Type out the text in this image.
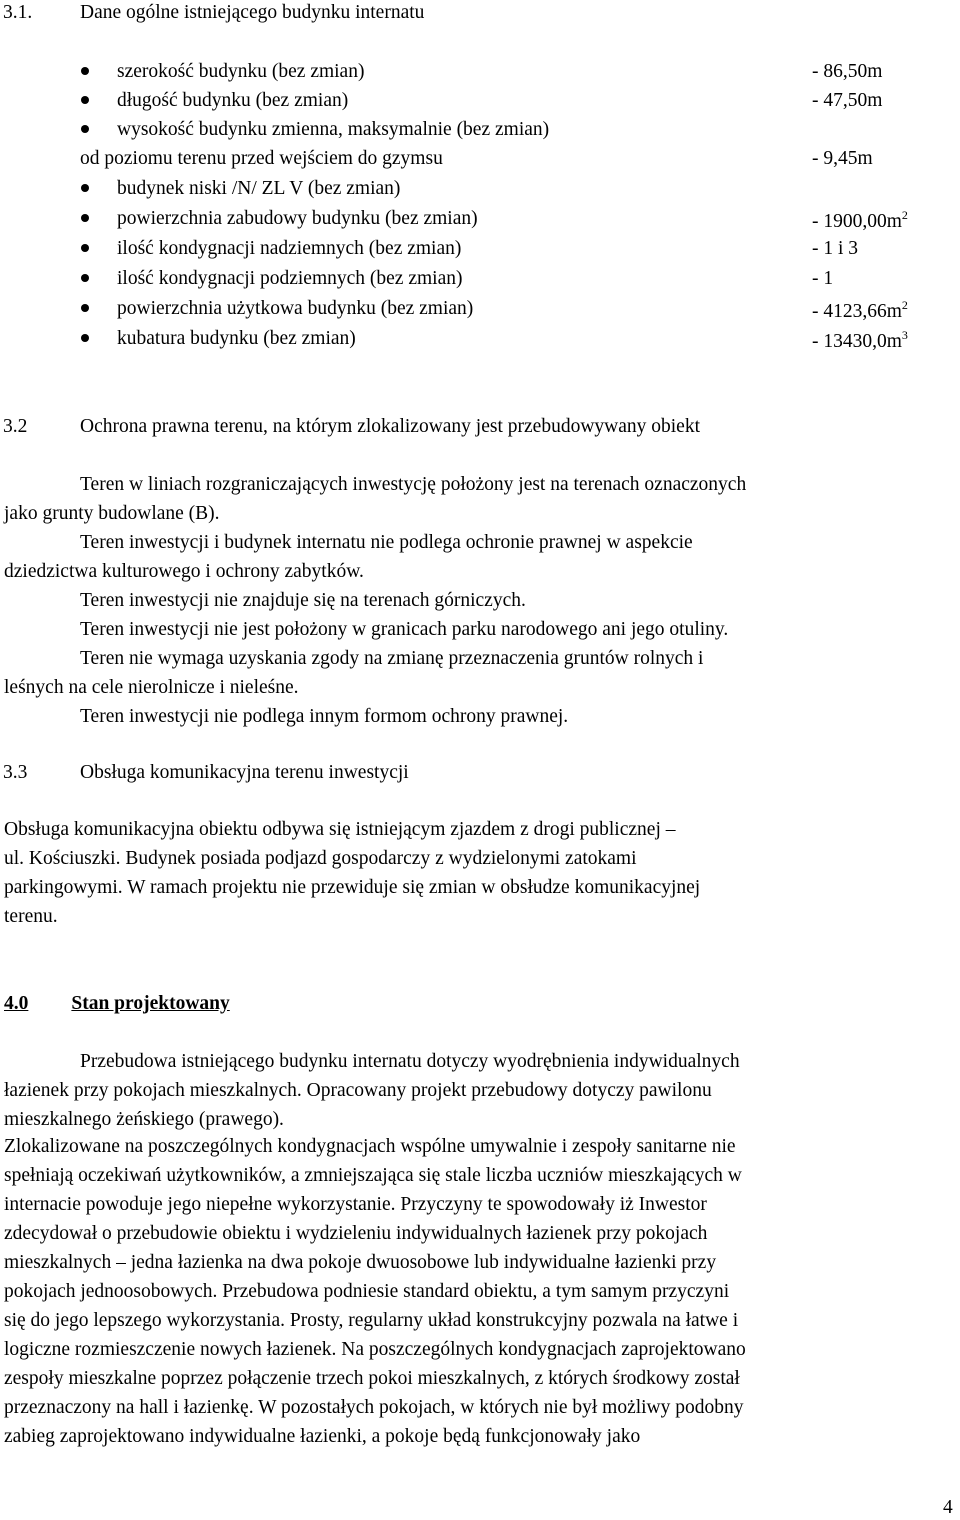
3.1. Dane ogólne istniejącego budynku internatu
szerokość budynku (bez zmian)	- 86,50m
długość budynku (bez zmian)	- 47,50m
wysokość budynku zmienna, maksymalnie (bez zmian)
od poziomu terenu przed wejściem do gzymsu	- 9,45m
budynek niski /N/ ZL V (bez zmian)
powierzchnia zabudowy budynku (bez zmian)	- $1900,00m^2$
ilość kondygnacji nadziemnych (bez zmian)	- 1 i 3
ilość kondygnacji podziemnych (bez zmian)	- 1
powierzchnia użytkowa budynku (bez zmian)	- $4123,66m^2$
kubatura budynku (bez zmian)	- $13430,0m^3$
3.2	Ochrona prawna terenu, na którym zlokalizowany jest przebudowywany obiekt
Teren w liniach rozgraniczających inwestycję położony jest na terenach oznaczonych
jako grunty budowlane (B).
Teren inwestycji i budynek internatu nie podlega ochronie prawnej w aspekcie
dziedzictwa kulturowego i ochrony zabytków.
Teren inwestycji nie znajduje się na terenach górniczych.
Teren inwestycji nie jest położony w granicach parku narodowego ani jego otuliny.
Teren nie wymaga uzyskania zgody na zmianę przeznaczenia gruntów rolnych i
leśnych na cele nierolnicze i nieleśne.
Teren inwestycji nie podlega innym formom ochrony prawnej.
3.3	Obsługa komunikacyjna terenu inwestycji
Obsługa komunikacyjna obiektu odbywa się istniejącym zjazdem z drogi publicznej –
ul. Kościuszki. Budynek posiada podjazd gospodarczy z wydzielonymi zatokami
parkingowymi. W ramach projektu nie przewiduje się zmian w obsłudze komunikacyjnej
terenu.
4.0 Stan projektowany
Przebudowa istniejącego budynku internatu dotyczy wyodrębnienia indywidualnych
łazienek przy pokojach mieszkalnych. Opracowany projekt przebudowy dotyczy pawilonu
mieszkalnego żeńskiego (prawego).
Zlokalizowane na poszczególnych kondygnacjach wspólne umywalnie i zespoły sanitarne nie
spełniają oczekiwań użytkowników, a zmniejszająca się stale liczba uczniów mieszkających w
internacie powoduje jego niepełne wykorzystanie. Przyczyny te spowodowały iż Inwestor
zdecydował o przebudowie obiektu i wydzieleniu indywidualnych łazienek przy pokojach
mieszkalnych – jedna łazienka na dwa pokoje dwuosobowe lub indywidualne łazienki przy
pokojach jednoosobowych. Przebudowa podniesie standard obiektu, a tym samym przyczyni
się do jego lepszego wykorzystania. Prosty, regularny układ konstrukcyjny pozwala na łatwe i
logiczne rozmieszczenie nowych łazienek. Na poszczególnych kondygnacjach zaprojektowano
zespoły mieszkalne poprzez połączenie trzech pokoi mieszkalnych, z których środkowy został
przeznaczony na hall i łazienkę. W pozostałych pokojach, w których nie był możliwy podobny
zabieg zaprojektowano indywidualne łazienki, a pokoje będą funkcjonowały jako
4
